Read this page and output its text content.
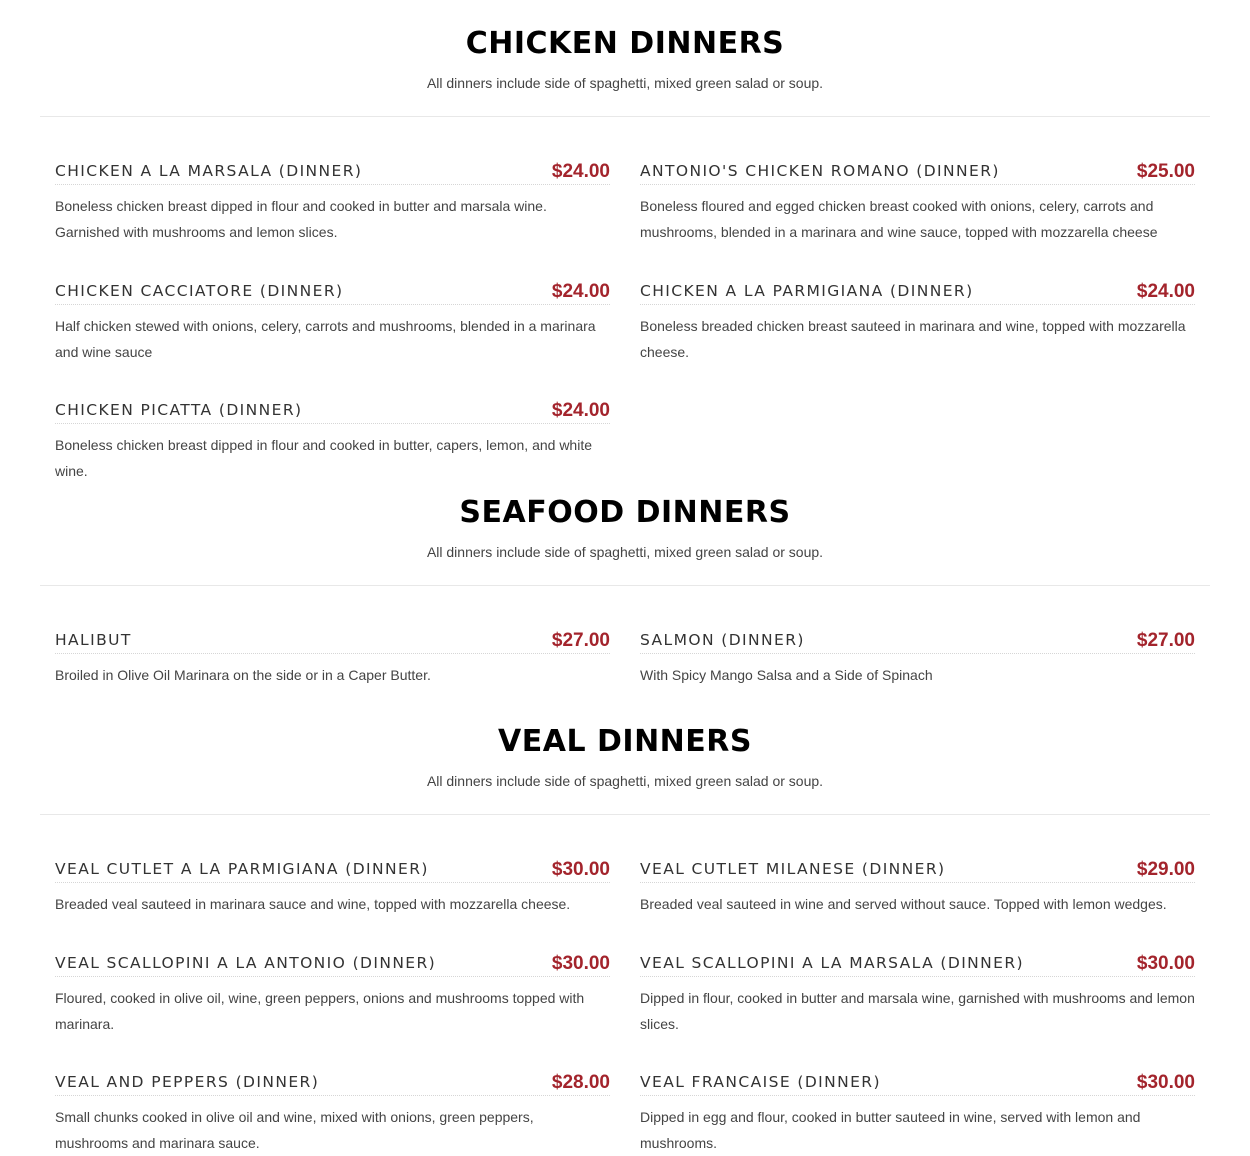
CHICKEN DINNERS
All dinners include side of spaghetti, mixed green salad or soup.
CHICKEN A LA MARSALA (DINNER)	$24.00
Boneless chicken breast dipped in flour and cooked in butter and marsala wine. Garnished with mushrooms and lemon slices.
ANTONIO'S CHICKEN ROMANO (DINNER)	$25.00
Boneless floured and egged chicken breast cooked with onions, celery, carrots and mushrooms, blended in a marinara and wine sauce, topped with mozzarella cheese
CHICKEN CACCIATORE (DINNER)	$24.00
Half chicken stewed with onions, celery, carrots and mushrooms, blended in a marinara and wine sauce
CHICKEN A LA PARMIGIANA (DINNER)	$24.00
Boneless breaded chicken breast sauteed in marinara and wine, topped with mozzarella cheese.
CHICKEN PICATTA (DINNER)	$24.00
Boneless chicken breast dipped in flour and cooked in butter, capers, lemon, and white wine.
SEAFOOD DINNERS
All dinners include side of spaghetti, mixed green salad or soup.
HALIBUT	$27.00
Broiled in Olive Oil Marinara on the side or in a Caper Butter.
SALMON (DINNER)	$27.00
With Spicy Mango Salsa and a Side of Spinach
VEAL DINNERS
All dinners include side of spaghetti, mixed green salad or soup.
VEAL CUTLET A LA PARMIGIANA (DINNER)	$30.00
Breaded veal sauteed in marinara sauce and wine, topped with mozzarella cheese.
VEAL CUTLET MILANESE (DINNER)	$29.00
Breaded veal sauteed in wine and served without sauce. Topped with lemon wedges.
VEAL SCALLOPINI A LA ANTONIO (DINNER)	$30.00
Floured, cooked in olive oil, wine, green peppers, onions and mushrooms topped with marinara.
VEAL SCALLOPINI A LA MARSALA (DINNER)	$30.00
Dipped in flour, cooked in butter and marsala wine, garnished with mushrooms and lemon slices.
VEAL AND PEPPERS (DINNER)	$28.00
Small chunks cooked in olive oil and wine, mixed with onions, green peppers, mushrooms and marinara sauce.
VEAL FRANCAISE (DINNER)	$30.00
Dipped in egg and flour, cooked in butter sauteed in wine, served with lemon and mushrooms.
